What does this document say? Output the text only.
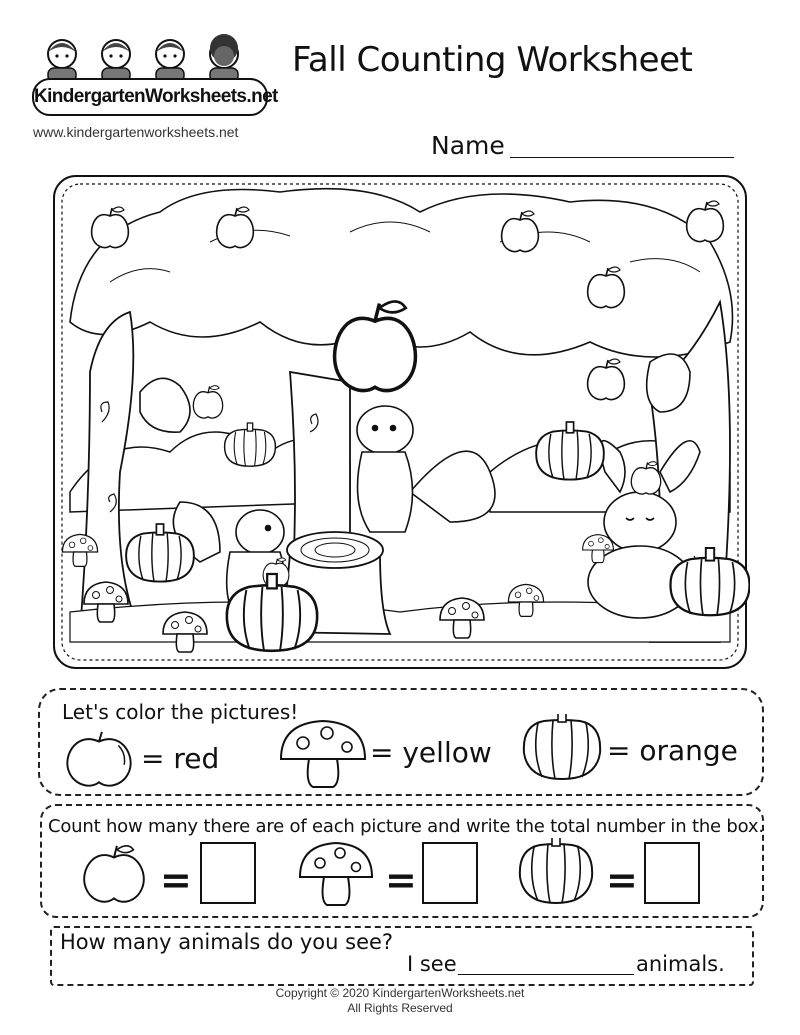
KindergartenWorksheets.net
www.kindergartenworksheets.net
Fall Counting Worksheet
Name
Let's color the pictures!
= red	= yellow	= orange
Count how many there are of each picture and write the total number in the box.
=	=	=
How many animals do you see?
I see	animals.
Copyright © 2020 KindergartenWorksheets.net
All Rights Reserved
